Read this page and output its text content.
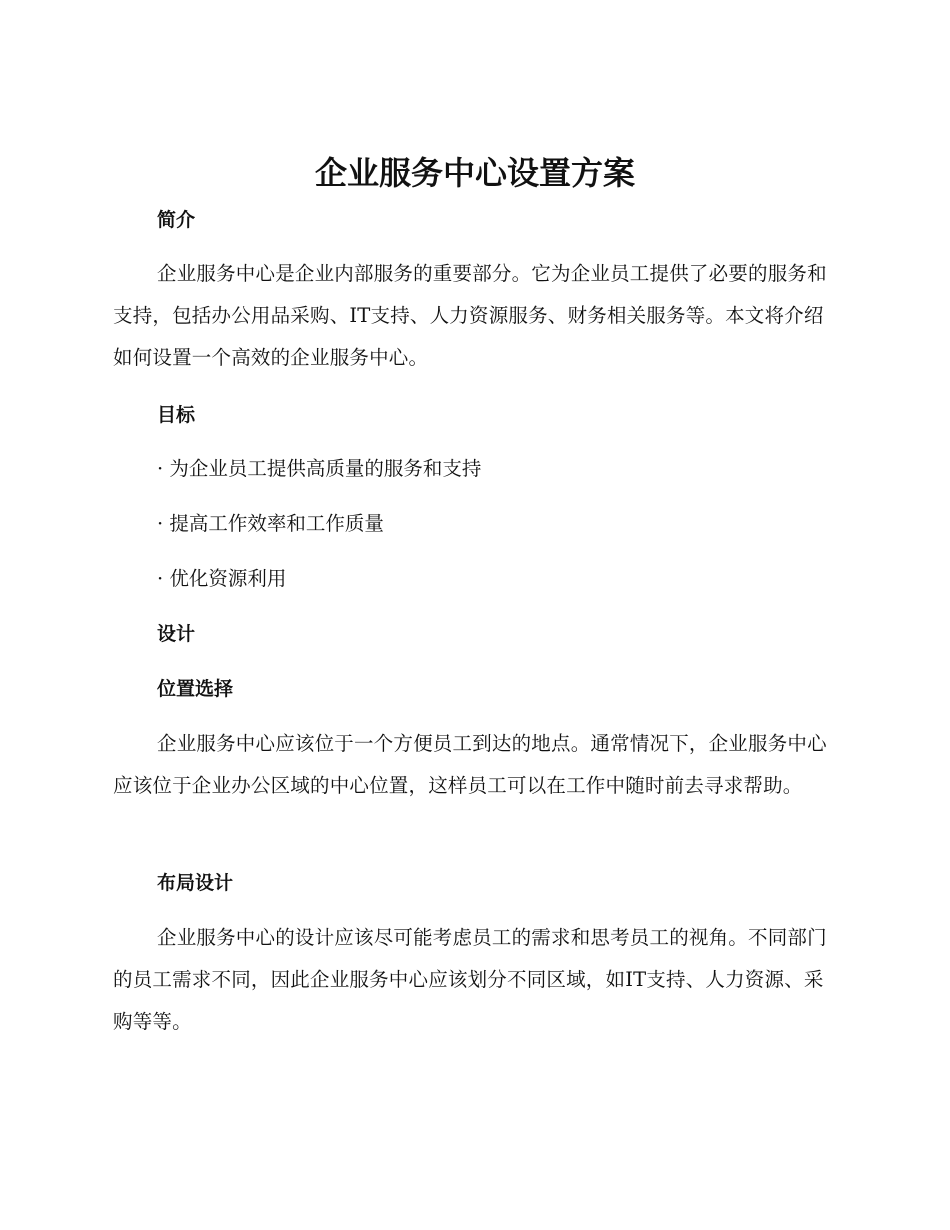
企业服务中心设置方案
简介

企业服务中心是企业内部服务的重要部分。它为企业员工提供了必要的服务和支持，包括办公用品采购、IT支持、人力资源服务、财务相关服务等。本文将介绍如何设置一个高效的企业服务中心。

目标

· 为企业员工提供高质量的服务和支持

· 提高工作效率和工作质量

· 优化资源利用

设计
位置选择

企业服务中心应该位于一个方便员工到达的地点。通常情况下，企业服务中心应该位于企业办公区域的中心位置，这样员工可以在工作中随时前去寻求帮助。

布局设计

企业服务中心的设计应该尽可能考虑员工的需求和思考员工的视角。不同部门的员工需求不同，因此企业服务中心应该划分不同区域，如IT支持、人力资源、采购等等。
